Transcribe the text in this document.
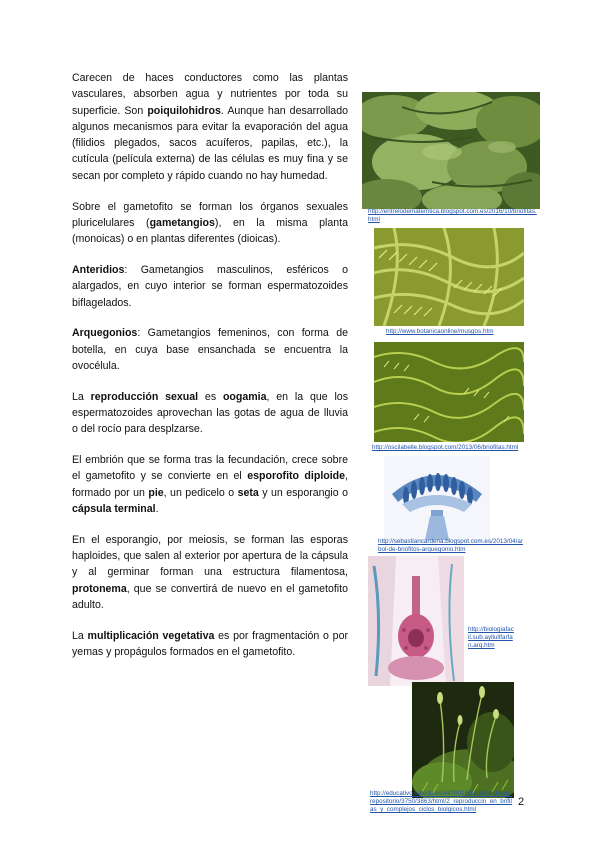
Carecen de haces conductores como las plantas vasculares, absorben agua y nutrientes por toda su superficie. Son poiquilohidros. Aunque han desarrollado algunos mecanismos para evitar la evaporación del agua (filidios plegados, sacos acuíferos, papilas, etc.), la cutícula (película externa) de las células es muy fina y se secan por completo y rápido cuando no hay humedad.

Sobre el gametofito se forman los órganos sexuales pluricelulares (gametangios), en la misma planta (monoicas) o en plantas diferentes (dioicas).

Anteridios: Gametangios masculinos, esféricos o alargados, en cuyo interior se forman espermatozoides biflagelados.

Arquegonios: Gametangios femeninos, con forma de botella, en cuya base ensanchada se encuentra la ovocélula.

La reproducción sexual es oogamia, en la que los espermatozoides aprovechan las gotas de agua de lluvia o del rocío para desplzarse.

El embrión que se forma tras la fecundación, crece sobre el gametofito y se convierte en el esporofito diploide, formado por un pie, un pedicelo o seta y un esporangio o cápsula terminal.

En el esporangio, por meiosis, se forman las esporas haploides, que salen al exterior por apertura de la cápsula y al germinar forman una estructura filamentosa, protonema, que se convertirá de nuevo en el gametofito adulto.

La multiplicación vegetativa es por fragmentación o por yemas y propágulos formados en el gametofito.

http://entrelodematemtica.blogspot.com.es/2016/10/briofitas.html
http://www.botanicaonline/musgos.htm
http://oscilabelle.blogspot.com/2013/06/briofitas.html
http://sebastiancardena.blogspot.com.es/2013/04/arbol-de-briofitos-arquegonio.htm
http://biologiafacil.sub.ayllullfarfan.arq.htm
http://educativo.catedu.es/44700165/aula/archivos/repositorio/3750/3863/html/2_reproduccin_en_brifitas_y_complejos_ciclos_biolgicos.html
2
